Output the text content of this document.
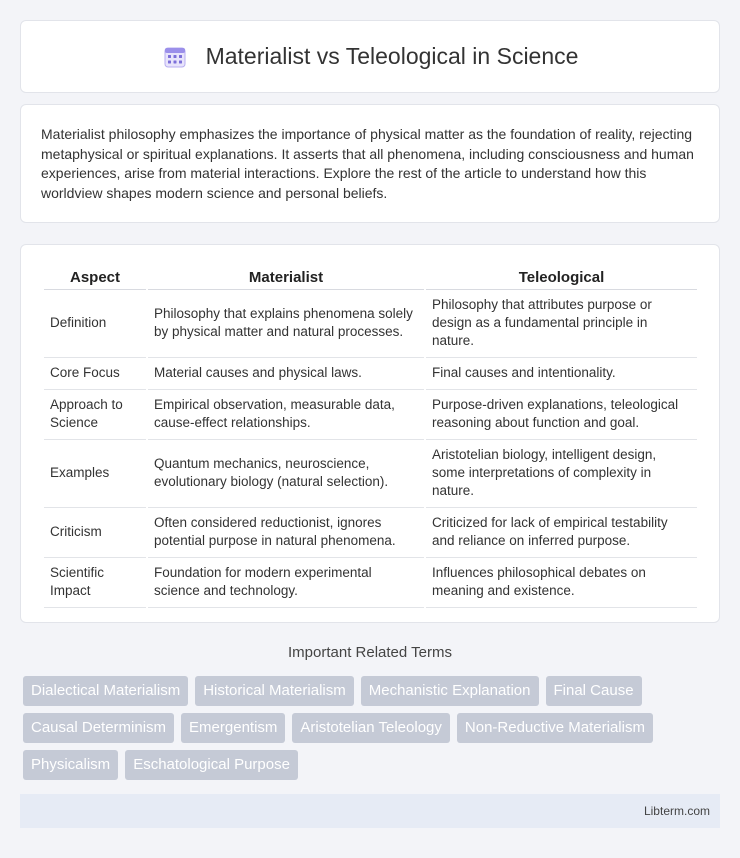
Materialist vs Teleological in Science

Materialist philosophy emphasizes the importance of physical matter as the foundation of reality, rejecting metaphysical or spiritual explanations. It asserts that all phenomena, including consciousness and human experiences, arise from material interactions. Explore the rest of the article to understand how this worldview shapes modern science and personal beliefs.

Aspect	Materialist	Teleological
Definition	Philosophy that explains phenomena solely by physical matter and natural processes.	Philosophy that attributes purpose or design as a fundamental principle in nature.
Core Focus	Material causes and physical laws.	Final causes and intentionality.
Approach to Science	Empirical observation, measurable data, cause-effect relationships.	Purpose-driven explanations, teleological reasoning about function and goal.
Examples	Quantum mechanics, neuroscience, evolutionary biology (natural selection).	Aristotelian biology, intelligent design, some interpretations of complexity in nature.
Criticism	Often considered reductionist, ignores potential purpose in natural phenomena.	Criticized for lack of empirical testability and reliance on inferred purpose.
Scientific Impact	Foundation for modern experimental science and technology.	Influences philosophical debates on meaning and existence.
Important Related Terms
Dialectical Materialism	Historical Materialism	Mechanistic Explanation	Final Cause
Causal Determinism	Emergentism	Aristotelian Teleology	Non-Reductive Materialism
Physicalism	Eschatological Purpose
Libterm.com
